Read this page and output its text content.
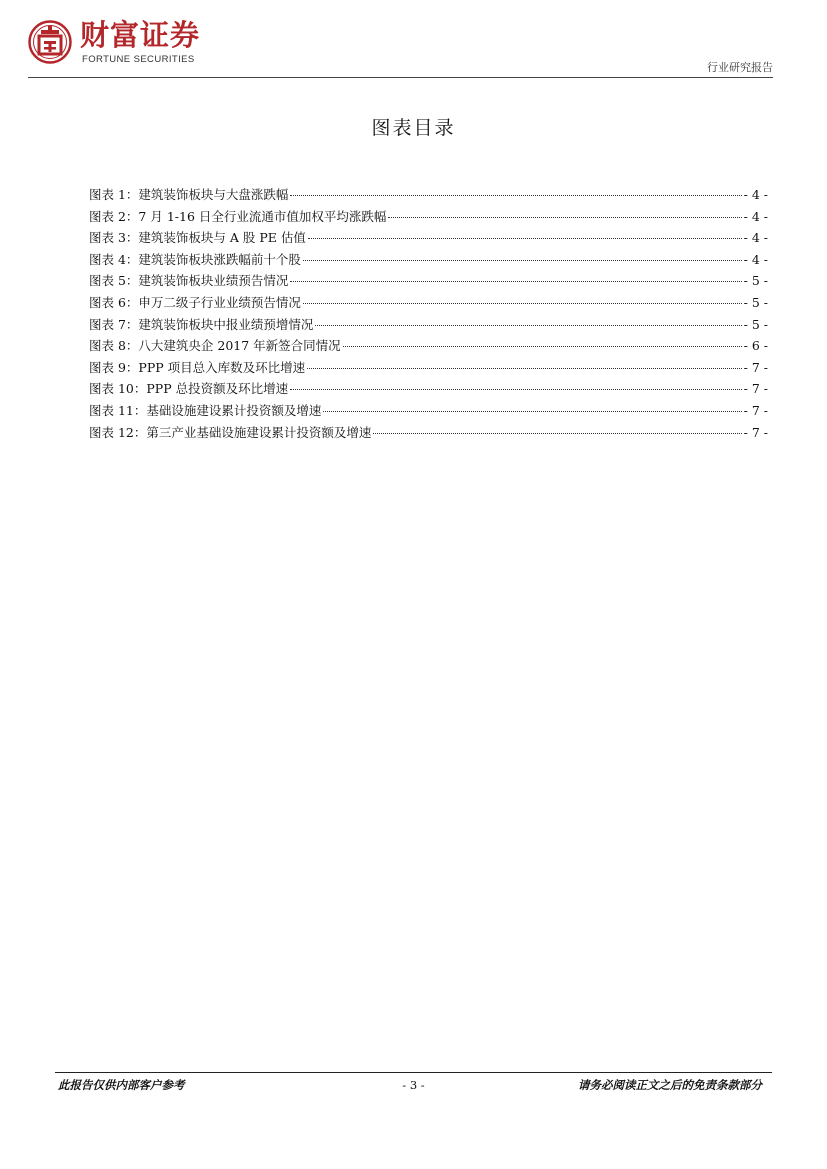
财富证券
FORTUNE SECURITIES
行业研究报告
图表目录
图表 1：建筑装饰板块与大盘涨跌幅	- 4 -
图表 2：7 月 1-16 日全行业流通市值加权平均涨跌幅	- 4 -
图表 3：建筑装饰板块与 A 股 PE 估值	- 4 -
图表 4：建筑装饰板块涨跌幅前十个股	- 4 -
图表 5：建筑装饰板块业绩预告情况	- 5 -
图表 6：申万二级子行业业绩预告情况	- 5 -
图表 7：建筑装饰板块中报业绩预增情况	- 5 -
图表 8：八大建筑央企 2017 年新签合同情况	- 6 -
图表 9：PPP 项目总入库数及环比增速	- 7 -
图表 10：PPP 总投资额及环比增速	- 7 -
图表 11：基础设施建设累计投资额及增速	- 7 -
图表 12：第三产业基础设施建设累计投资额及增速	- 7 -
此报告仅供内部客户参考	- 3 -	请务必阅读正文之后的免责条款部分
